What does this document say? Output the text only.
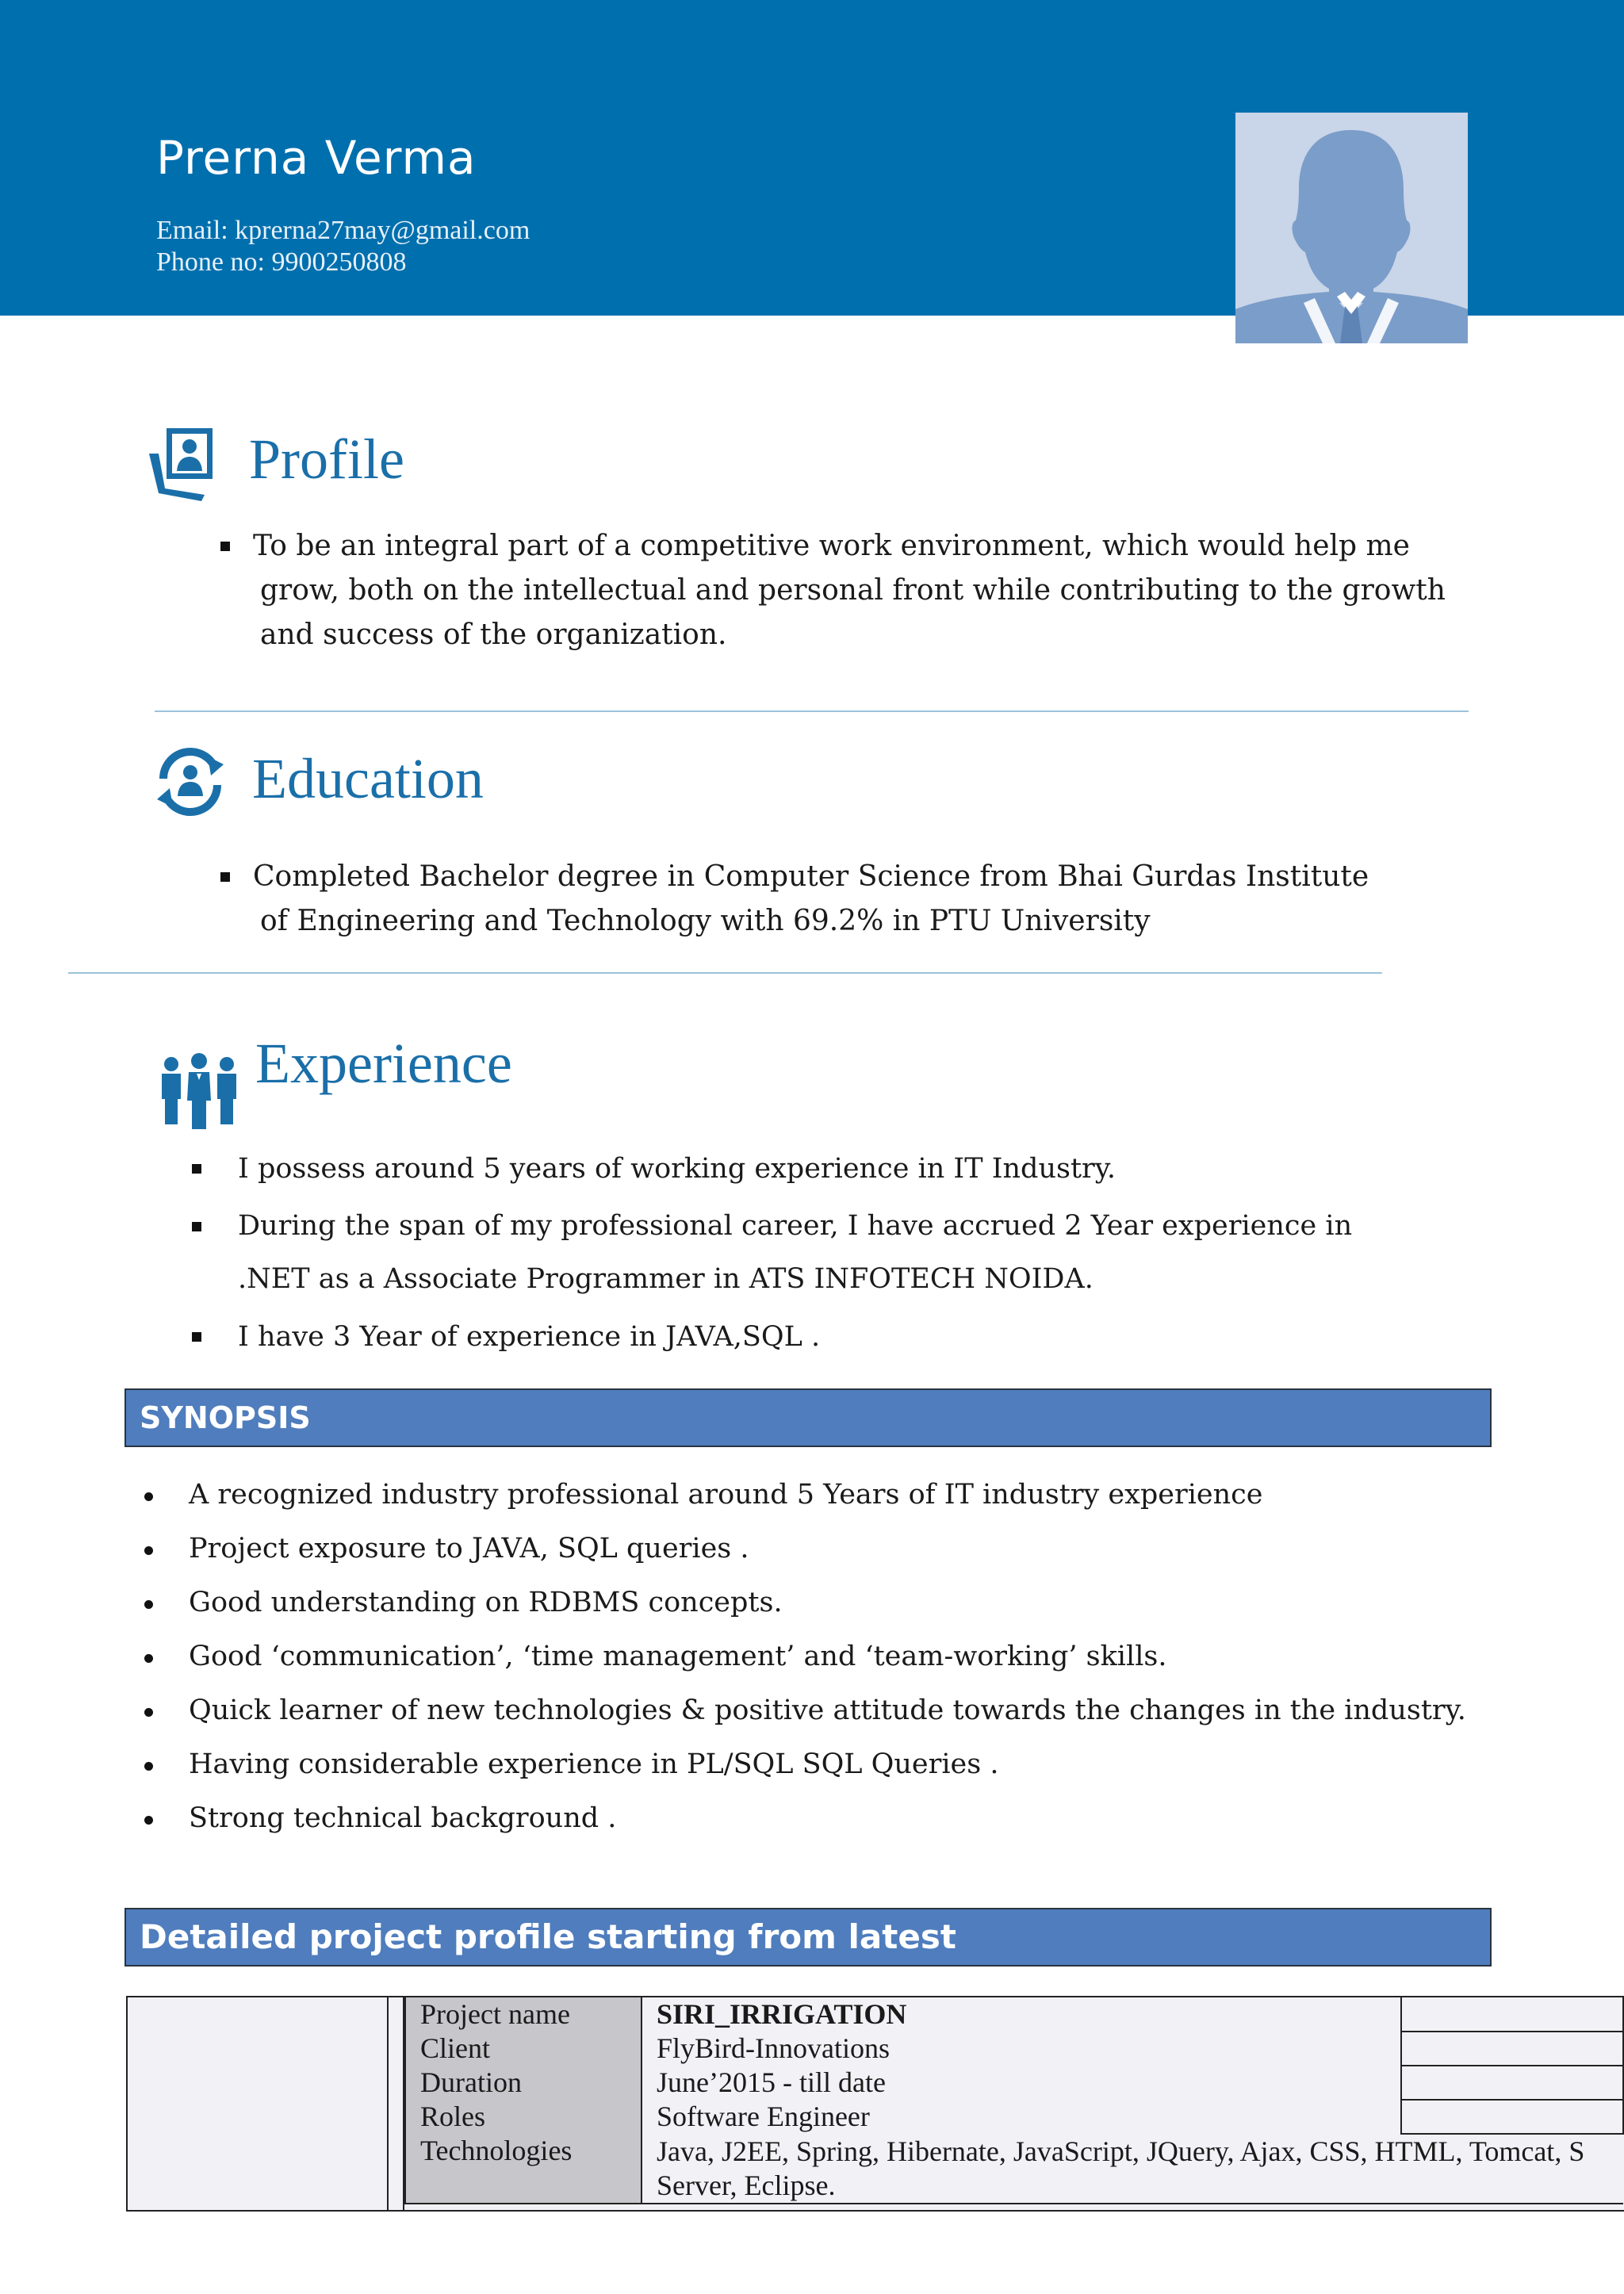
Prerna Verma
Email: kprerna27may@gmail.com
Phone no: 9900250808
Profile
To be an integral part of a competitive work environment, which would help me grow, both on the intellectual and personal front while contributing to the growth and success of the organization.
Education
Completed Bachelor degree in Computer Science from Bhai Gurdas Institute of Engineering and Technology with 69.2% in PTU University
Experience
I possess around 5 years of working experience in IT Industry.
During the span of my professional career, I have accrued 2 Year experience in .NET as a Associate Programmer in ATS INFOTECH NOIDA.
I have 3 Year of experience in JAVA,SQL .
SYNOPSIS
A recognized industry professional around 5 Years of IT industry experience
Project exposure to JAVA, SQL queries .
Good understanding on RDBMS concepts.
Good ‘communication’, ‘time management’ and ‘team-working’ skills.
Quick learner of new technologies & positive attitude towards the changes in the industry.
Having considerable experience in PL/SQL SQL Queries .
Strong technical background .
Detailed project profile starting from latest
Project name	SIRI_IRRIGATION	
Client	FlyBird-Innovations	
Duration	June’2015 - till date	
Roles	Software Engineer	
Technologies	Java, J2EE, Spring, Hibernate, JavaScript, JQuery, Ajax, CSS, HTML, Tomcat, S Server, Eclipse.	
